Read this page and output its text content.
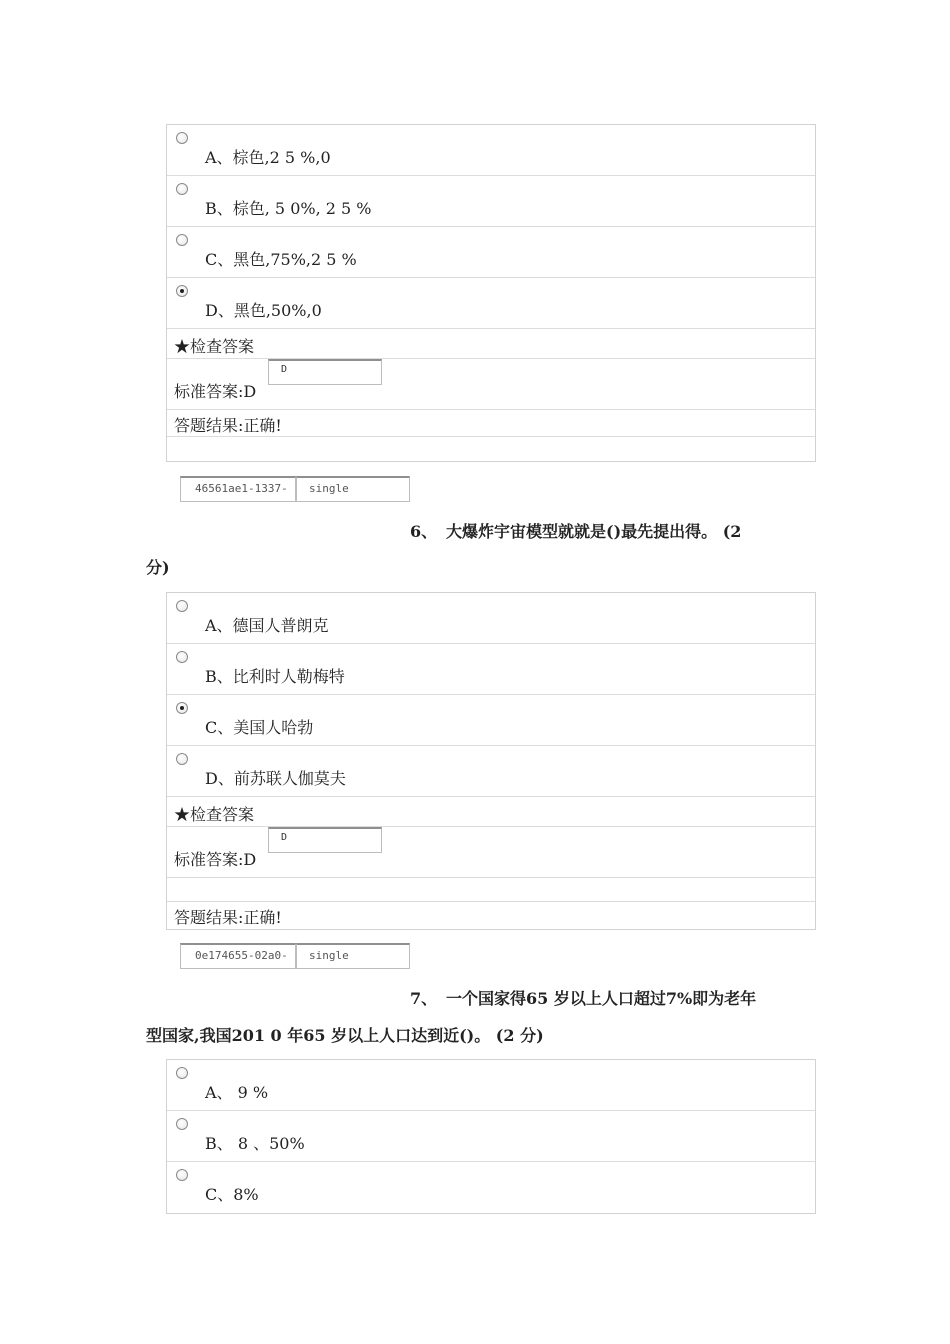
A、棕色,2 5 %,0
B、棕色, 5 0%, 2 5 %
C、黑色,75%,2 5 %
D、黑色,50%,0
★检查答案
标准答案:D
D
答题结果:正确!
46561ae1-1337-	single
6、 大爆炸宇宙模型就就是()最先提出得。 (2
分)
A、德国人普朗克
B、比利时人勒梅特
C、美国人哈勃
D、前苏联人伽莫夫
★检查答案
标准答案:D
D
答题结果:正确!
0e174655-02a0-	single
7、 一个国家得65 岁以上人口超过7%即为老年
型国家,我国201 0 年65 岁以上人口达到近()。 (2 分)
A、 9 %
B、 8 、50%
C、8%
